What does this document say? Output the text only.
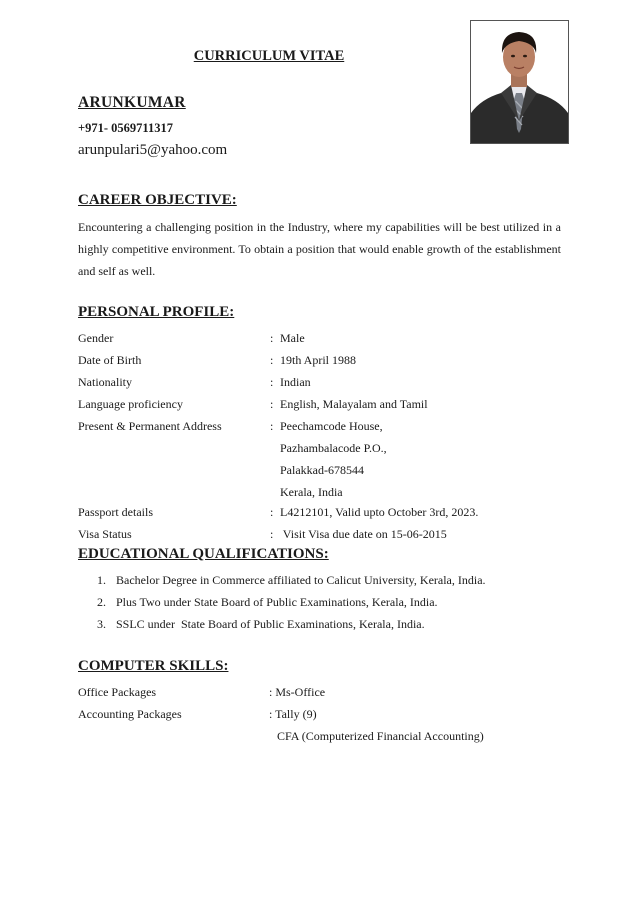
CURRICULUM VITAE
ARUNKUMAR
+971- 0569711317
arunpulari5@yahoo.com
CAREER OBJECTIVE:
Encountering a challenging position in the Industry, where my capabilities will be best utilized in a highly competitive environment. To obtain a position that would enable growth of the establishment and self as well.
PERSONAL PROFILE:
Gender	: Male
Date of Birth	: 19th April 1988
Nationality	: Indian
Language proficiency	: English, Malayalam and Tamil
Present & Permanent Address	: Peechamcode House,
Pazhambalacode P.O.,
Palakkad-678544
Kerala, India
Passport details	: L4212101, Valid upto October 3rd, 2023.
Visa Status	: Visit Visa due date on 15-06-2015
EDUCATIONAL QUALIFICATIONS:
1. Bachelor Degree in Commerce affiliated to Calicut University, Kerala, India.
2. Plus Two under State Board of Public Examinations, Kerala, India.
3. SSLC under  State Board of Public Examinations, Kerala, India.
COMPUTER SKILLS:
Office Packages	: Ms-Office
Accounting Packages	: Tally (9)
CFA (Computerized Financial Accounting)
